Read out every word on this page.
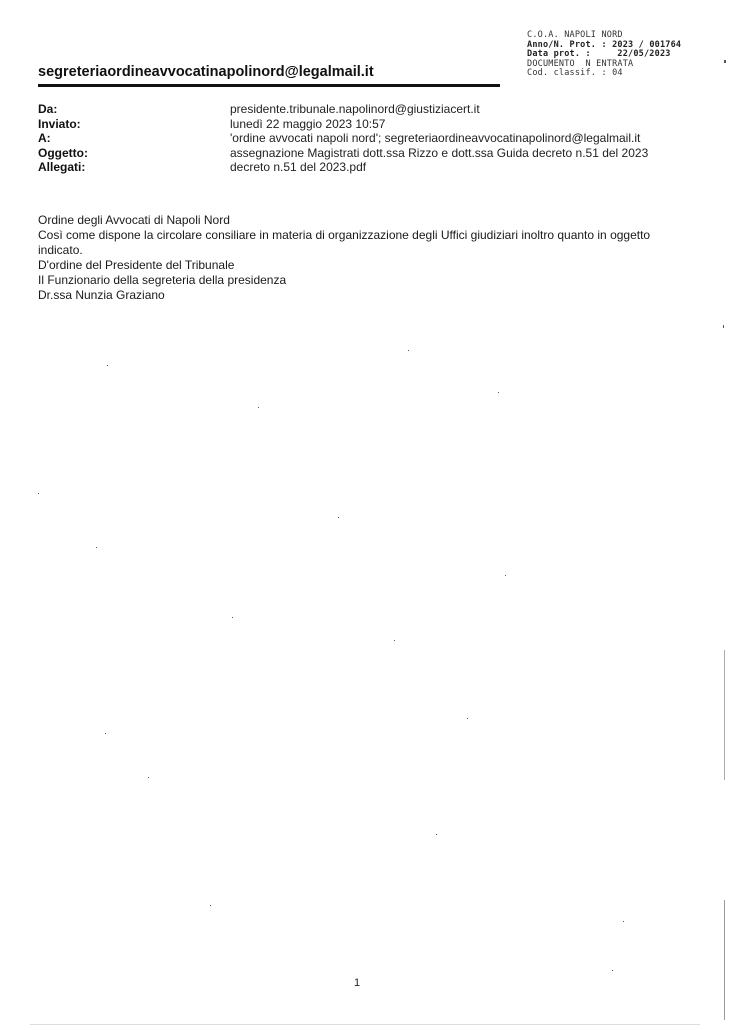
C.O.A. NAPOLI NORD
Anno/N. Prot. : 2023 / 001764
Data prot. :	22/05/2023
DOCUMENTO  N ENTRATA
Cod. classif. : 04
segreteriaordineavvocatinapolinord@legalmail.it
Da:	presidente.tribunale.napolinord@giustiziacert.it
Inviato:	lunedì 22 maggio 2023 10:57
A:	'ordine avvocati napoli nord'; segreteriaordineavvocatinapolinord@legalmail.it
Oggetto:	assegnazione Magistrati dott.ssa Rizzo e dott.ssa Guida decreto n.51 del 2023
Allegati:	decreto n.51 del 2023.pdf

Ordine degli Avvocati di Napoli Nord

Così come dispone la circolare consiliare in materia di organizzazione degli Uffici giudiziari inoltro quanto in oggetto indicato.

D'ordine del Presidente del Tribunale

Il Funzionario della segreteria della presidenza

Dr.ssa Nunzia Graziano

1
